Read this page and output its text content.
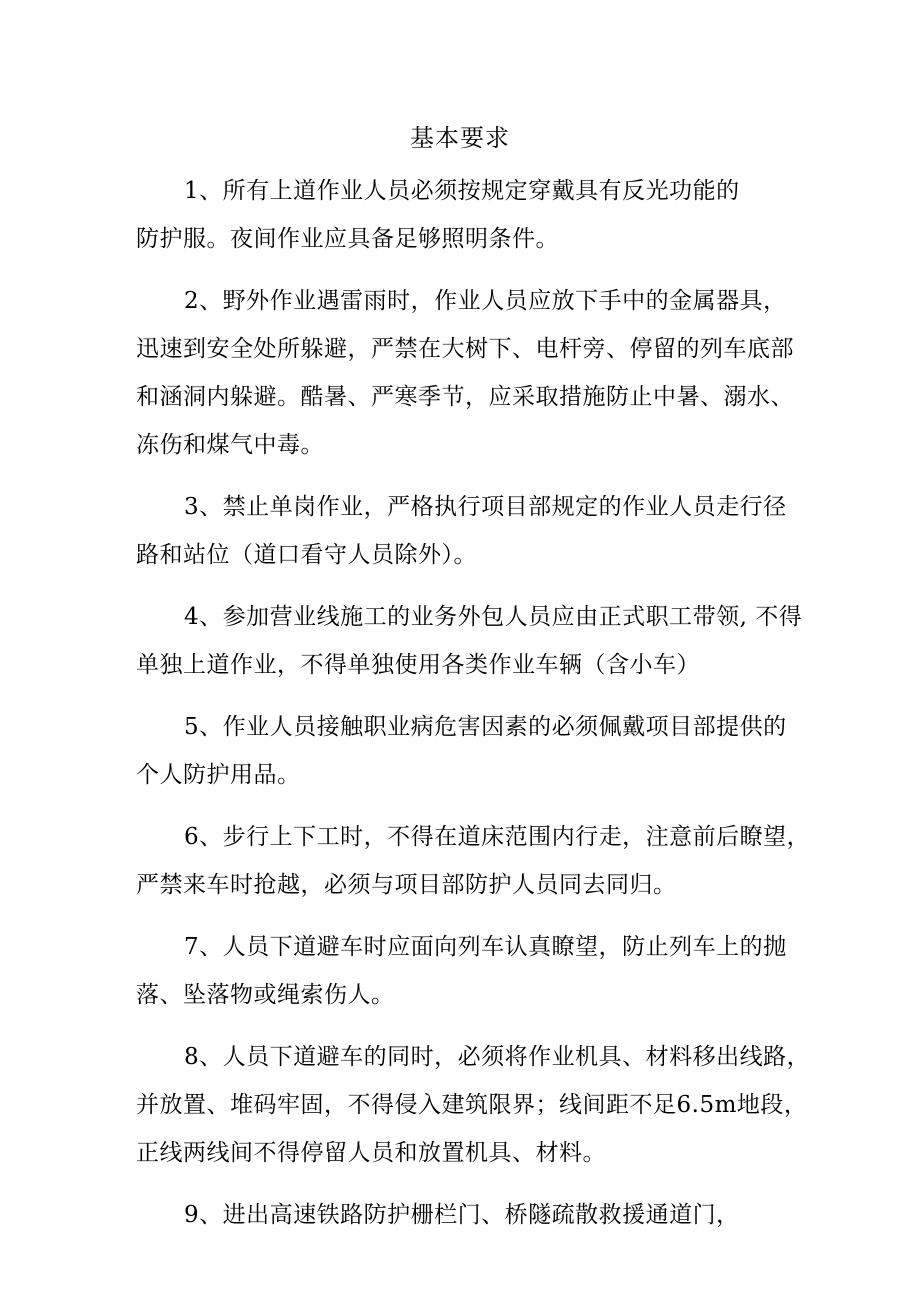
基本要求

1、所有上道作业人员必须按规定穿戴具有反光功能的
防护服。夜间作业应具备足够照明条件。

2、野外作业遇雷雨时，作业人员应放下手中的金属器具，
迅速到安全处所躲避，严禁在大树下、电杆旁、停留的列车底部
和涵洞内躲避。酷暑、严寒季节，应采取措施防止中暑、溺水、
冻伤和煤气中毒。

3、禁止单岗作业，严格执行项目部规定的作业人员走行径
路和站位（道口看守人员除外）。

4、参加营业线施工的业务外包人员应由正式职工带领, 不得
单独上道作业，不得单独使用各类作业车辆（含小车）

5、作业人员接触职业病危害因素的必须佩戴项目部提供的
个人防护用品。

6、步行上下工时，不得在道床范围内行走，注意前后瞭望，
严禁来车时抢越，必须与项目部防护人员同去同归。

7、人员下道避车时应面向列车认真瞭望，防止列车上的抛
落、坠落物或绳索伤人。

8、人员下道避车的同时，必须将作业机具、材料移出线路，
并放置、堆码牢固，不得侵入建筑限界；线间距不足6.5m地段，
正线两线间不得停留人员和放置机具、材料。

9、进出高速铁路防护栅栏门、桥隧疏散救援通道门，
